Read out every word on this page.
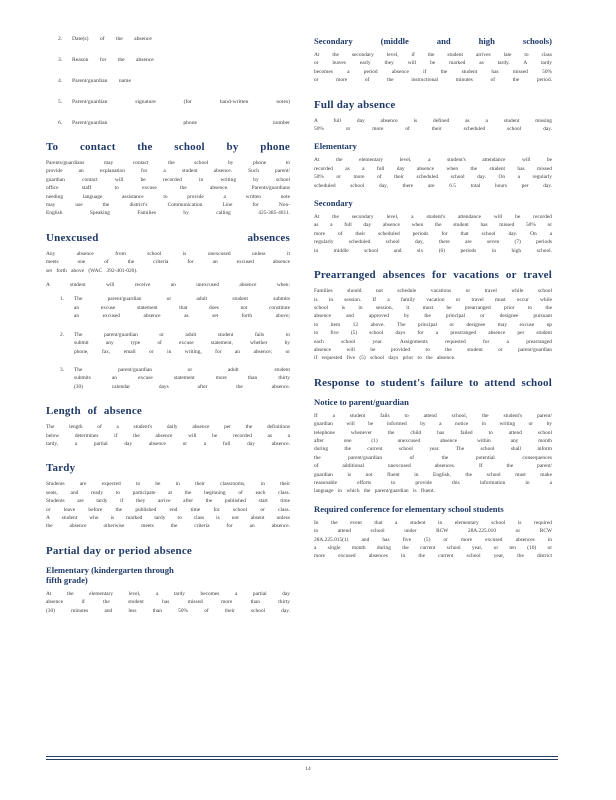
2.	Date(s) of the absence
3.	Reason for the absence
4.	Parent/guardian name
5.	Parent/guardian signature (for hand-written notes)
6.	Parent/guardian phone number
To contact the school by phone

Parents/guardians may contact the school by phone to
provide an explanation for a student absence. Such parent/
guardian contact will be recorded in writing by school
office staff to excuse the absence. Parents/guardians
needing language assistance to provide a written note
may use the district's Communication Line for Non-
English Speaking Families by calling 425-385-4011.

Unexcused absences

Any absence from school is unexcused unless it
meets one of the criteria for an excused absence
set forth above (WAC 392-401-020).

A student will receive an unexcused absence when:

1.	The parent/guardian or adult student submits
an excuse statement that does not constitute
an excused absence as set forth above;
2.	The parent/guardian or adult student fails to
submit any type of excuse statement, whether by
phone, fax, email or in writing, for an absence; or
3.	The parent/guardian or adult student
submits an excuse statement more than thirty
(30) calendar days after the absence.
Length of absence

The length of a student's daily absence per the definitions
below determines if the absence will be recorded as a
tardy, a partial day absence or a full day absence.

Tardy

Students are expected to be in their classrooms, in their
seats, and ready to participate at the beginning of each class.
Students are tardy if they arrive after the published start time
or leave before the published end time for school or class.
A student who is marked tardy to class is not absent unless
the absence otherwise meets the criteria for an absence.

Partial day or period absence
Elementary (kindergarten through fifth grade)

At the elementary level, a tardy becomes a partial day
absence if the student has missed more than thirty
(30) minutes and less than 50% of their school day.

Secondary (middle and high schools)

At the secondary level, if the student arrives late to class
or leaves early they will be marked as tardy. A tardy
becomes a period absence if the student has missed 50%
or more of the instructional minutes of the period.

Full day absence

A full day absence is defined as a student missing
50% or more of their scheduled school day.

Elementary

At the elementary level, a student's attendance will be
recorded as a full day absence when the student has missed
50% or more of their scheduled school day. On a regularly
scheduled school day, there are 6.5 total hours per day.

Secondary

At the secondary level, a student's attendance will be recorded
as a full day absence when the student has missed 50% or
more of their scheduled periods for that school day. On a
regularly scheduled school day, there are seven (7) periods
in middle school and six (6) periods in high school.

Prearranged absences for vacations or travel

Families should not schedule vacations or travel while school
is in session. If a family vacation or travel must occur while
school is in session, it must be prearranged prior to the
absence and approved by the principal or designee pursuant
to item 12 above. The principal or designee may excuse up
to five (5) school days for a prearranged absence per student
each school year. Assignments requested for a prearranged
absence will be provided to the student or parent/guardian
if requested five (5) school days prior to the absence.

Response to student's failure to attend school
Notice to parent/guardian

If a student fails to attend school, the student's parent/
guardian will be informed by a notice in writing or by
telephone whenever the child has failed to attend school
after one (1) unexcused absence within any month
during the current school year. The school shall inform
the parent/guardian of the potential consequences
of additional unexcused absences. If the parent/
guardian is not fluent in English, the school must make
reasonable efforts to provide this information in a
language in which the parent/guardian is fluent.

Required conference for elementary school students

In the event that a student in elementary school is required
to attend school under RCW 28A.225.010 or RCW
28A.225.015(1) and has five (5) or more excused absences in
a single month during the current school year, or ten (10) or
more excused absences in the current school year, the district

14
